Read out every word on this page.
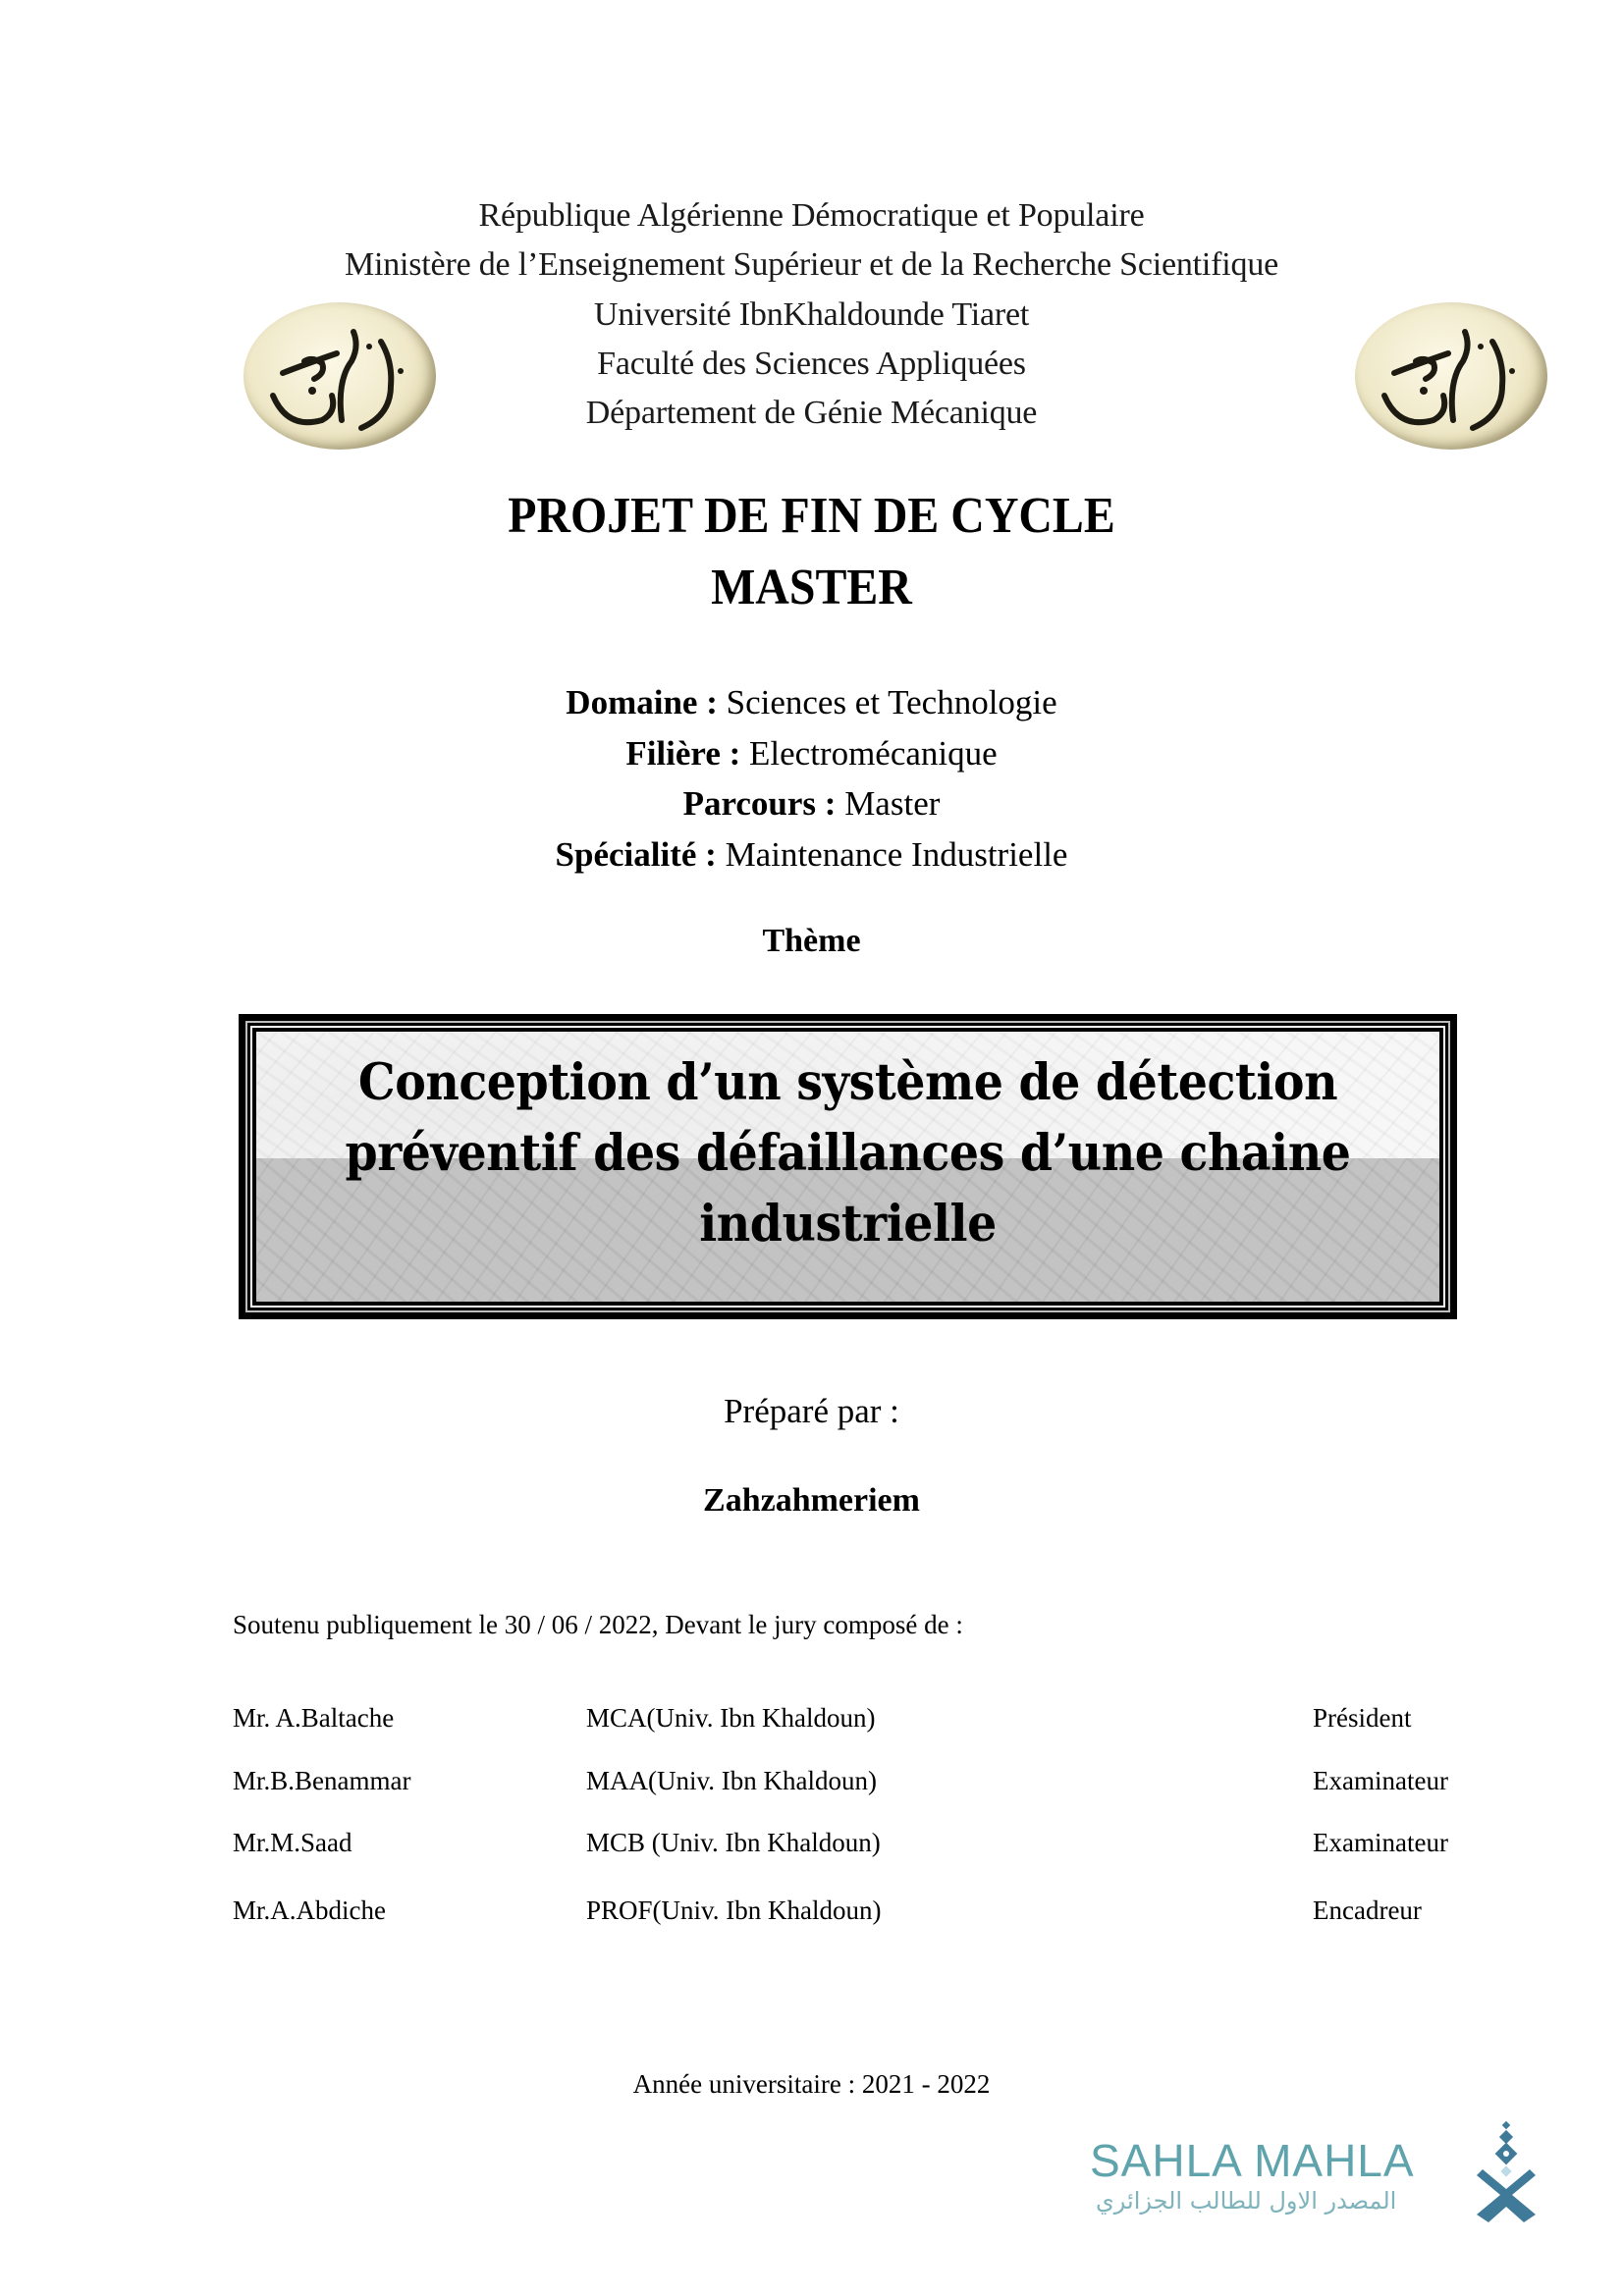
République Algérienne Démocratique et Populaire
Ministère de l’Enseignement Supérieur et de la Recherche Scientifique
Université IbnKhaldounde Tiaret
Faculté des Sciences Appliquées
Département de Génie Mécanique
PROJET DE FIN DE CYCLE
MASTER
Domaine : Sciences et Technologie
Filière : Electromécanique
Parcours : Master
Spécialité : Maintenance Industrielle
Thème
Conception d’un système de détection
préventif des défaillances d’une chaine
industrielle
Préparé par :
Zahzahmeriem
Soutenu publiquement le 30 / 06 / 2022, Devant le jury composé de :
Mr. A.Baltache	MCA(Univ. Ibn Khaldoun)	Président
Mr.B.Benammar	MAA(Univ. Ibn Khaldoun)	Examinateur
Mr.M.Saad	MCB (Univ. Ibn Khaldoun)	Examinateur
Mr.A.Abdiche	PROF(Univ. Ibn Khaldoun)	Encadreur
Année universitaire : 2021 - 2022
SAHLA MAHLA
المصدر الاول للطالب الجزائري
